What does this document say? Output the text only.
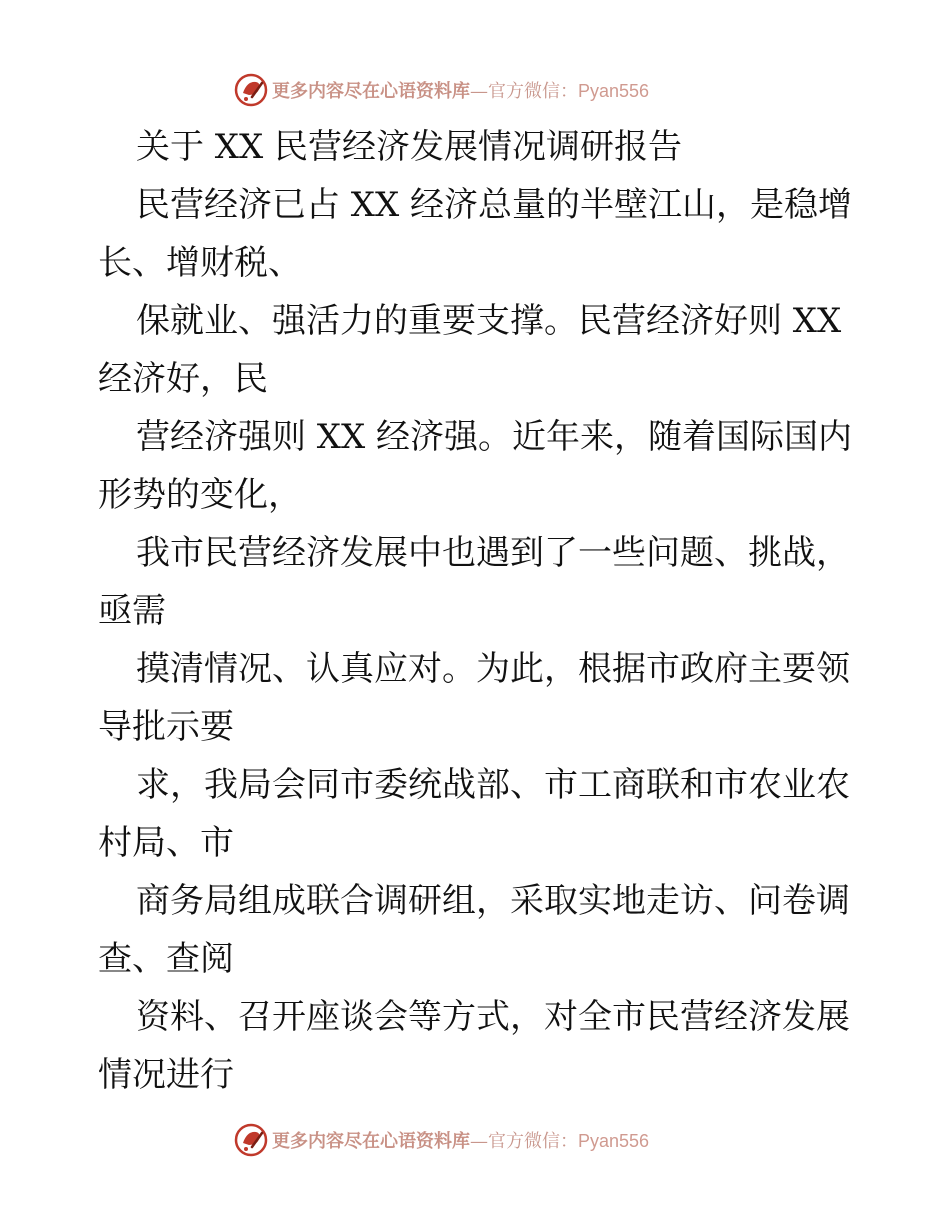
更多内容尽在心语资料库—官方微信：Pyan556
关于 XX 民营经济发展情况调研报告
民营经济已占 XX 经济总量的半壁江山，是稳增
长、增财税、
保就业、强活力的重要支撑。民营经济好则 XX
经济好，民
营经济强则 XX 经济强。近年来，随着国际国内
形势的变化，
我市民营经济发展中也遇到了一些问题、挑战，
亟需
摸清情况、认真应对。为此，根据市政府主要领
导批示要
求，我局会同市委统战部、市工商联和市农业农
村局、市
商务局组成联合调研组，采取实地走访、问卷调
查、查阅
资料、召开座谈会等方式，对全市民营经济发展
情况进行
更多内容尽在心语资料库—官方微信：Pyan556
